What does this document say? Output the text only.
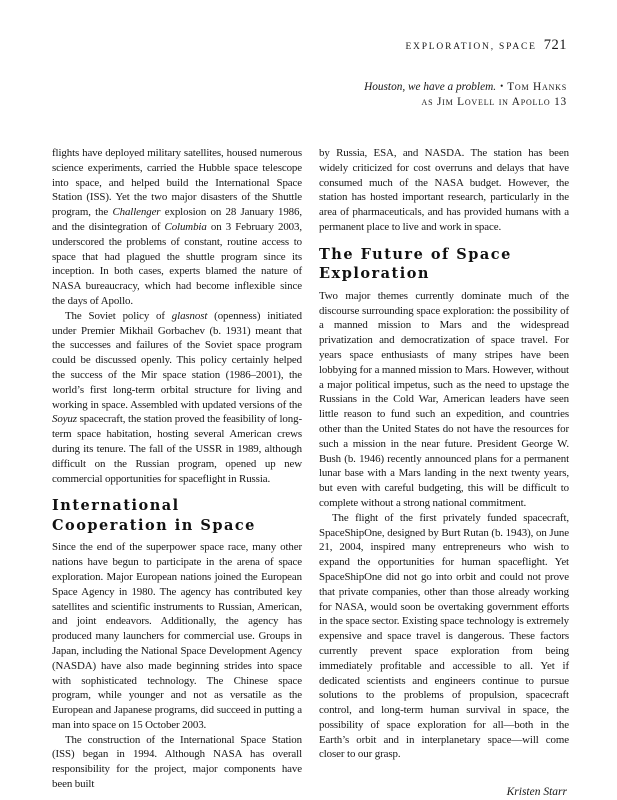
EXPLORATION, SPACE 721
Houston, we have a problem. • Tom Hanks
as Jim Lovell in Apollo 13

flights have deployed military satellites, housed numerous science experiments, carried the Hubble space telescope into space, and helped build the International Space Station (ISS). Yet the two major disasters of the Shuttle program, the Challenger explosion on 28 January 1986, and the disintegration of Columbia on 3 February 2003, underscored the problems of constant, routine access to space that had plagued the shuttle program since its inception. In both cases, experts blamed the nature of NASA bureaucracy, which had become inflexible since the days of Apollo.

The Soviet policy of glasnost (openness) initiated under Premier Mikhail Gorbachev (b. 1931) meant that the successes and failures of the Soviet space program could be discussed openly. This policy certainly helped the success of the Mir space station (1986–2001), the world’s first long-term orbital structure for living and working in space. Assembled with updated versions of the Soyuz spacecraft, the station proved the feasibility of long-term space habitation, hosting several American crews during its tenure. The fall of the USSR in 1989, although difficult on the Russian program, opened up new commercial opportunities for spaceflight in Russia.

International
Cooperation in Space

Since the end of the superpower space race, many other nations have begun to participate in the arena of space exploration. Major European nations joined the European Space Agency in 1980. The agency has contributed key satellites and scientific instruments to Russian, American, and joint endeavors. Additionally, the agency has produced many launchers for commercial use. Groups in Japan, including the National Space Development Agency (NASDA) have also made beginning strides into space with sophisticated technology. The Chinese space program, while younger and not as versatile as the European and Japanese programs, did succeed in putting a man into space on 15 October 2003.

The construction of the International Space Station (ISS) began in 1994. Although NASA has overall responsibility for the project, major components have been built

by Russia, ESA, and NASDA. The station has been widely criticized for cost overruns and delays that have consumed much of the NASA budget. However, the station has hosted important research, particularly in the area of pharmaceuticals, and has provided humans with a permanent place to live and work in space.

The Future of Space
Exploration

Two major themes currently dominate much of the discourse surrounding space exploration: the possibility of a manned mission to Mars and the widespread privatization and democratization of space travel. For years space enthusiasts of many stripes have been lobbying for a manned mission to Mars. However, without a major political impetus, such as the need to upstage the Russians in the Cold War, American leaders have seen little reason to fund such an expedition, and countries other than the United States do not have the resources for such a mission in the near future. President George W. Bush (b. 1946) recently announced plans for a permanent lunar base with a Mars landing in the next twenty years, but even with careful budgeting, this will be difficult to complete without a strong national commitment.

The flight of the first privately funded spacecraft, SpaceShipOne, designed by Burt Rutan (b. 1943), on June 21, 2004, inspired many entrepreneurs who wish to expand the opportunities for human spaceflight. Yet SpaceShipOne did not go into orbit and could not prove that private companies, other than those already working for NASA, would soon be overtaking government efforts in the space sector. Existing space technology is extremely expensive and space travel is dangerous. These factors currently prevent space exploration from being immediately profitable and accessible to all. Yet if dedicated scientists and engineers continue to pursue solutions to the problems of propulsion, spacecraft control, and long-term human survival in space, the possibility of space exploration for all—both in the Earth’s orbit and in interplanetary space—will come closer to our grasp.

Kristen Starr
